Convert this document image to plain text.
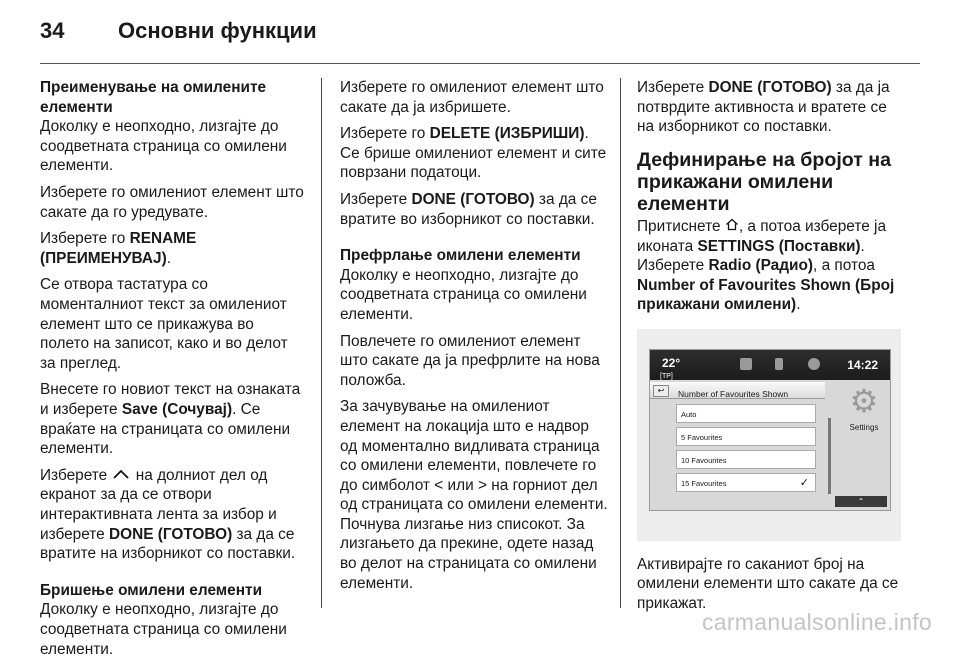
34	Основни функции
Преименување на омилените елементи

Доколку е неопходно, лизгајте до соодветната страница со омилени елементи.

Изберете го омилениот елемент што сакате да го уредувате.

Изберете го RENAME (ПРЕИМЕНУВАЈ).

Се отвора тастатура со моменталниот текст за омилениот елемент што се прикажува во полето на записот, како и во делот за преглед.

Внесете го новиот текст на ознаката и изберете Save (Сочувај). Се враќате на страницата со омилени елементи.

Изберете  на долниот дел од екранот за да се отвори интерактивната лента за избор и изберете DONE (ГОТОВО) за да се вратите на изборникот со поставки.

Бришење омилени елементи

Доколку е неопходно, лизгајте до соодветната страница со омилени елементи.

Изберете го омилениот елемент што сакате да ја избришете.

Изберете го DELETE (ИЗБРИШИ). Се брише омилениот елемент и сите поврзани податоци.

Изберете DONE (ГОТОВО) за да се вратите во изборникот со поставки.

Префрлање омилени елементи

Доколку е неопходно, лизгајте до соодветната страница со омилени елементи.

Повлечете го омилениот елемент што сакате да ја префрлите на нова положба.

За зачувување на омилениот елемент на локација што е надвор од моментално видливата страница со омилени елементи, повлечете го до симболот < или > на горниот дел од страницата со омилени елементи. Почнува лизгање низ списокот. За лизгањето да прекине, одете назад во делот на страницата со омилени елементи.

Изберете DONE (ГОТОВО) за да ја потврдите активноста и вратете се на изборникот со поставки.

Дефинирање на бројот на прикажани омилени елементи

Притиснете , а потоа изберете ја иконата SETTINGS (Поставки). Изберете Radio (Радио), а потоа Number of Favourites Shown (Број прикажани омилени).

22°
[TP]
14:22
↩	Number of Favourites Shown
Auto
5 Favourites
10 Favourites
15 Favourites	✓
⚙
Settings
⌃

Активирајте го саканиот број на омилени елементи што сакате да се прикажат.

carmanualsonline.info
